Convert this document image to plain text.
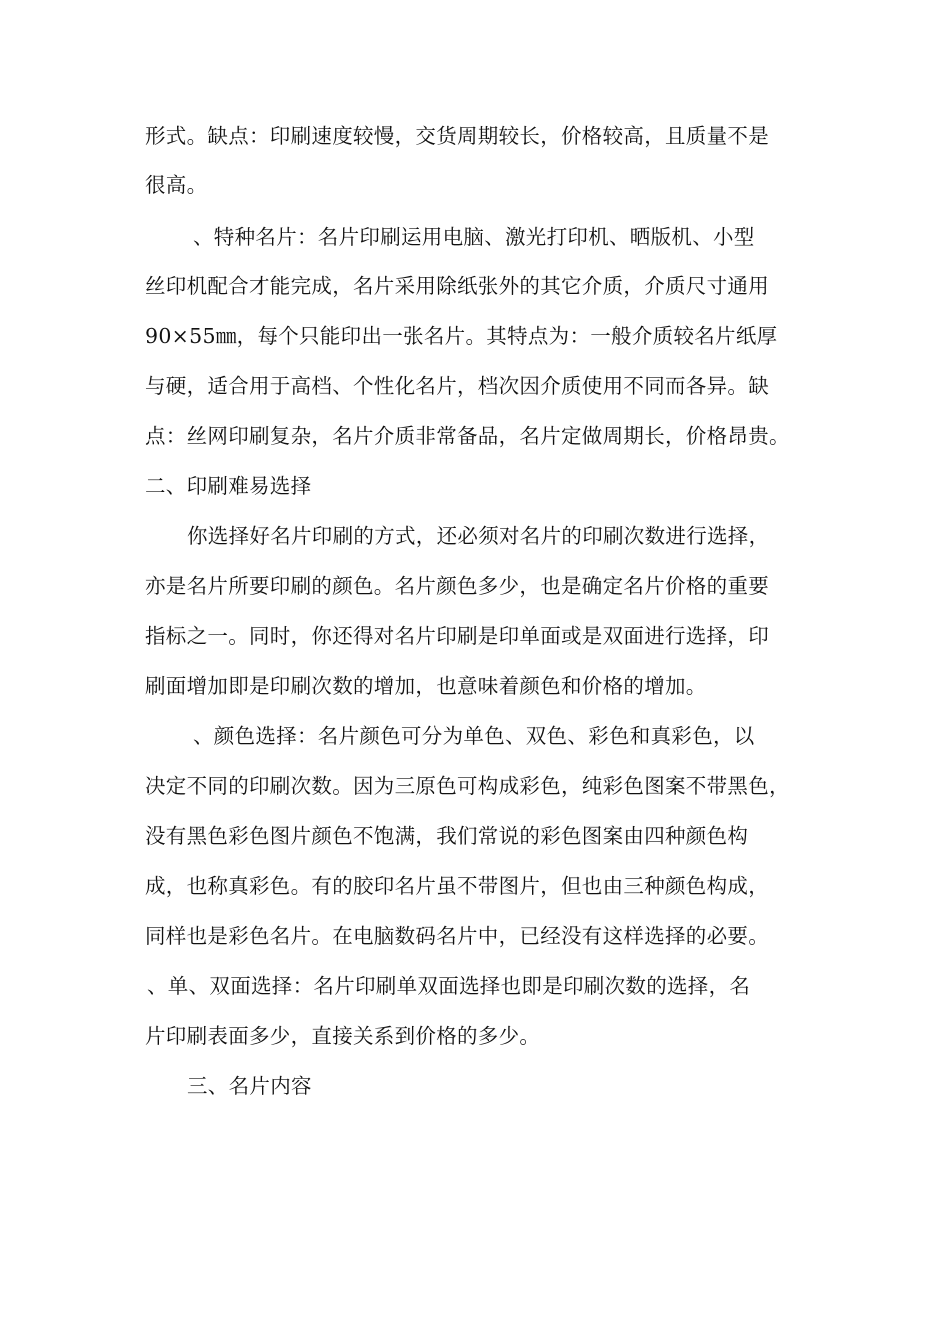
形式。缺点：印刷速度较慢，交货周期较长，价格较高，且质量不是
很高。
、特种名片：名片印刷运用电脑、激光打印机、晒版机、小型
丝印机配合才能完成，名片采用除纸张外的其它介质，介质尺寸通用
90×55㎜，每个只能印出一张名片。其特点为：一般介质较名片纸厚
与硬，适合用于高档、个性化名片，档次因介质使用不同而各异。缺
点：丝网印刷复杂，名片介质非常备品，名片定做周期长，价格昂贵。
二、印刷难易选择
你选择好名片印刷的方式，还必须对名片的印刷次数进行选择，
亦是名片所要印刷的颜色。名片颜色多少，也是确定名片价格的重要
指标之一。同时，你还得对名片印刷是印单面或是双面进行选择，印
刷面增加即是印刷次数的增加，也意味着颜色和价格的增加。
、颜色选择：名片颜色可分为单色、双色、彩色和真彩色，以
决定不同的印刷次数。因为三原色可构成彩色，纯彩色图案不带黑色，
没有黑色彩色图片颜色不饱满，我们常说的彩色图案由四种颜色构
成，也称真彩色。有的胶印名片虽不带图片，但也由三种颜色构成，
同样也是彩色名片。在电脑数码名片中，已经没有这样选择的必要。
、单、双面选择：名片印刷单双面选择也即是印刷次数的选择，名
片印刷表面多少，直接关系到价格的多少。
三、名片内容
